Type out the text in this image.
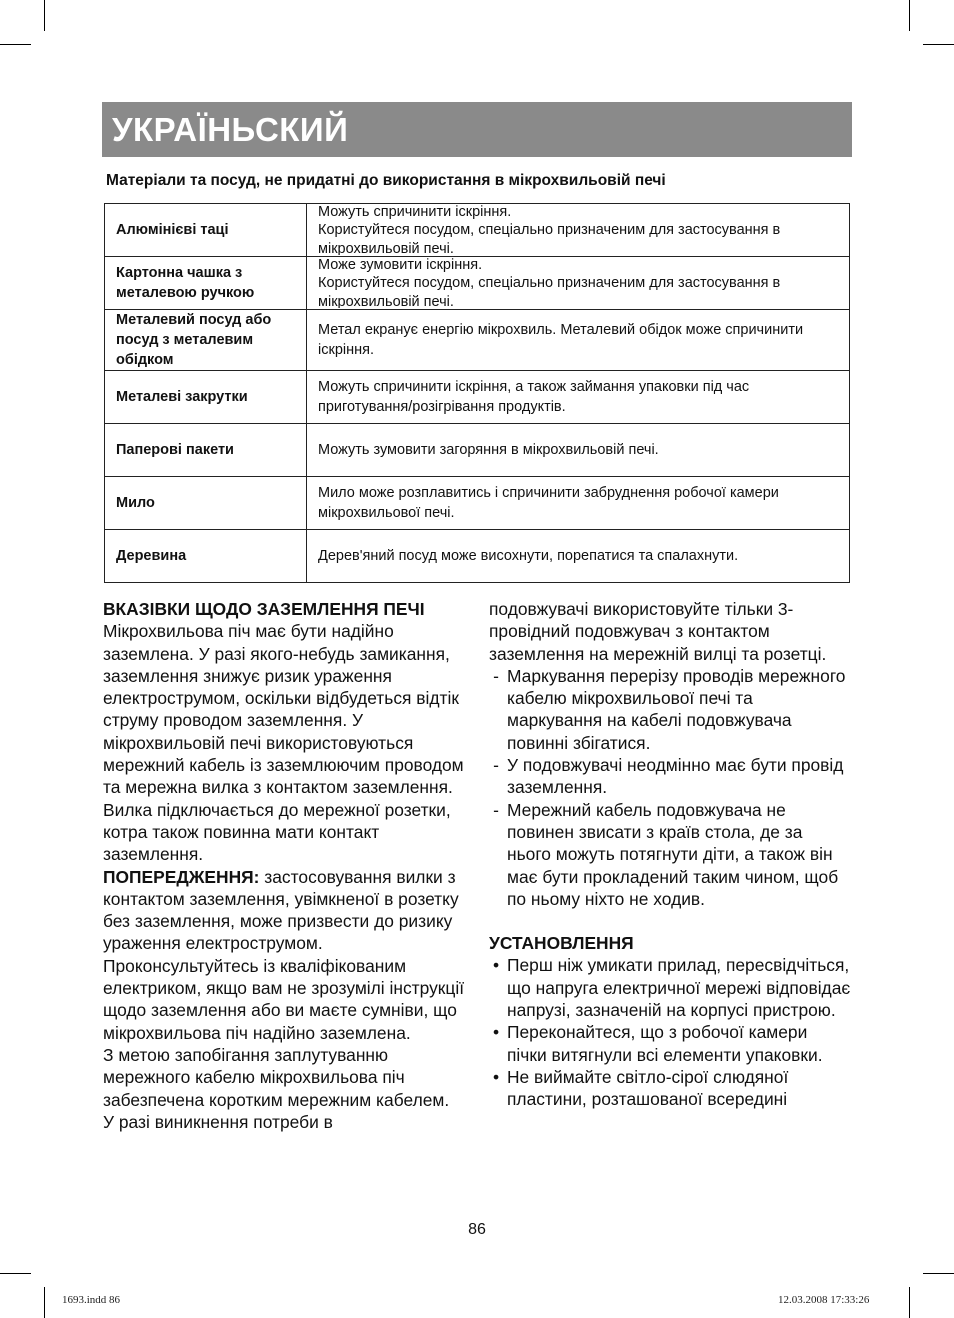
УКРАЇНЬСКИЙ
Матеріали та посуд, не придатні до використання в мікрохвильовій печі
Алюмінієві таці	Можуть спричинити іскріння.
Користуйтеся посудом, спеціально призначеним для застосування в мікрохвильовій печі.

Картонна чашка з металевою ручкою	Може зумовити іскріння.
Користуйтеся посудом, спеціально призначеним для застосування в мікрохвильовій печі.

Металевий посуд або посуд з металевим обідком	Метал екранує енергію мікрохвиль. Металевий обідок може спричинити іскріння.
Металеві закрутки	Можуть спричинити іскріння, а також займання упаковки під час приготування/розігрівання продуктів.
Паперові пакети	Можуть зумовити загоряння в мікрохвильовій печі.
Мило	Мило може розплавитись і спричинити забруднення робочої камери мікрохвильової печі.
Деревина	Дерев'яний посуд може висохнути, порепатися та спалахнути.

ВКАЗІВКИ ЩОДО ЗАЗЕМЛЕННЯ ПЕЧІ

Мікрохвильова піч має бути надійно заземлена. У разі якого-небудь замикання, заземлення знижує ризик ураження електрострумом, оскільки відбудеться відтік струму проводом заземлення. У мікрохвильовій печі використовуються мережний кабель із заземлюючим проводом та мережна вилка з контактом заземлення. Вилка підключається до мережної розетки, котра також повинна мати контакт заземлення.

ПОПЕРЕДЖЕННЯ: застосовування вилки з контактом заземлення, увімкненої в розетку без заземлення, може призвести до ризику ураження електрострумом. Проконсультуйтесь із кваліфікованим електриком, якщо вам не зрозумілі інструкції щодо заземлення або ви маєте сумніви, що мікрохвильова піч надійно заземлена.

З метою запобігання заплутуванню мережного кабелю мікрохвильова піч забезпечена коротким мережним кабелем.

У разі виникнення потреби в

подовжувачі використовуйте тільки 3-провідний подовжувач з контактом заземлення на мережній вилці та розетці.

- Маркування перерізу проводів мережного кабелю мікрохвильової печі та маркування на кабелі подовжувача повинні збігатися.
- У подовжувачі неодмінно має бути провід заземлення.
- Мережний кабель подовжувача не повинен звисати з країв стола, де за нього можуть потягнути діти, а також він має бути прокладений таким чином, щоб по ньому ніхто не ходив.

УСТАНОВЛЕННЯ

• Перш ніж умикати прилад, пересвідчіться, що напруга електричної мережі відповідає напрузі, зазначеній на корпусі пристрою.
• Переконайтеся, що з робочої камери пічки витягнули всі елементи упаковки.
• Не виймайте світло-сірої слюдяної пластини, розташованої всередині
86
1693.indd 86	12.03.2008 17:33:26
